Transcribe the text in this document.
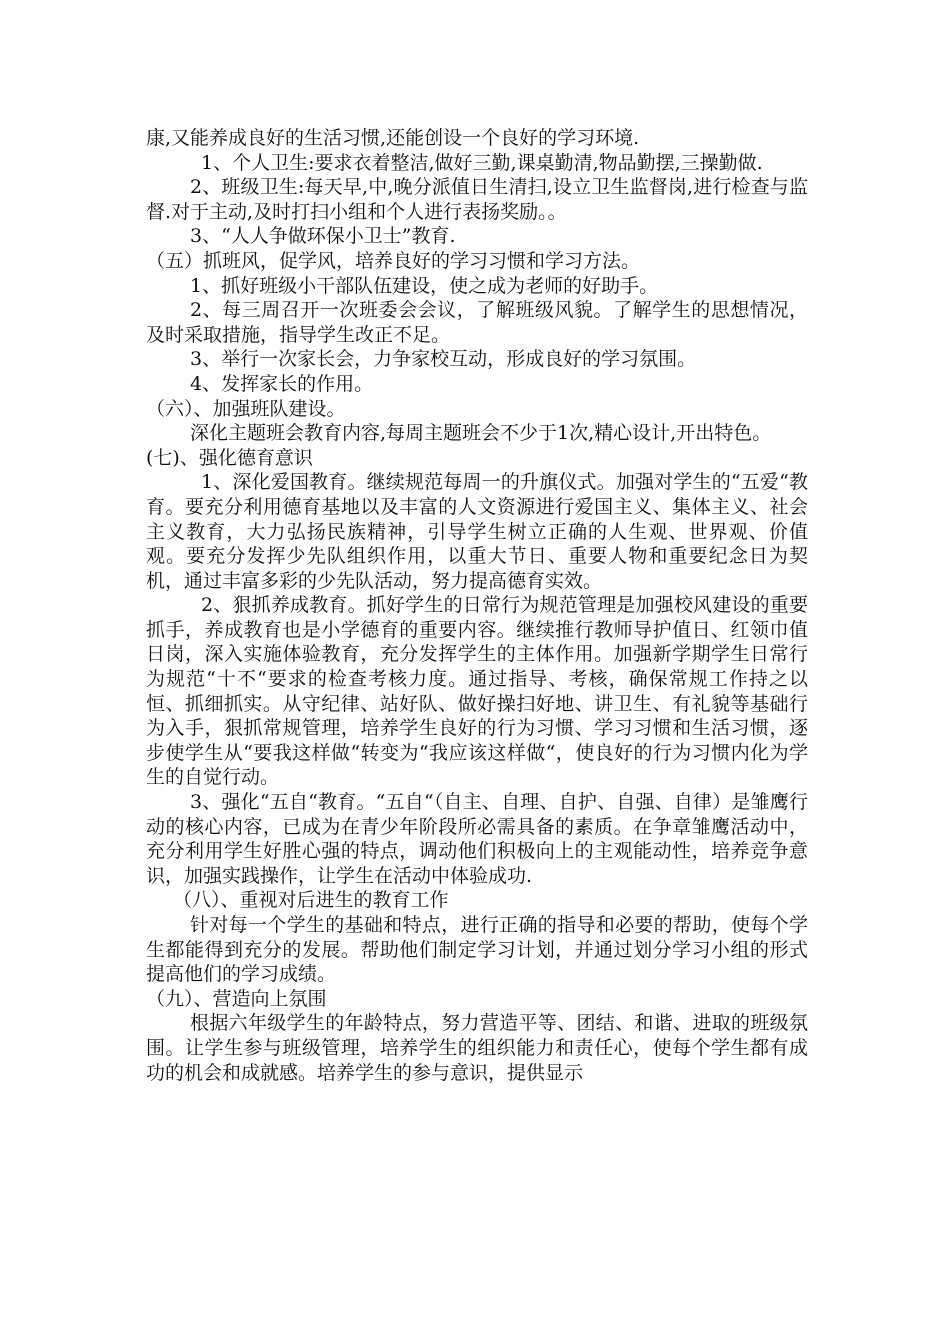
康,又能养成良好的生活习惯,还能创设一个良好的学习环境.

1、个人卫生:要求衣着整洁,做好三勤,课桌勤清,物品勤摆,三操勤做.

2、班级卫生:每天早,中,晚分派值日生清扫,设立卫生监督岗,进行检查与监督.对于主动,及时打扫小组和个人进行表扬奖励。。

3、“人人争做环保小卫士”教育.

（五）抓班风，促学风，培养良好的学习习惯和学习方法。

1、抓好班级小干部队伍建设，使之成为老师的好助手。

2、每三周召开一次班委会会议，了解班级风貌。了解学生的思想情况，及时采取措施，指导学生改正不足。

3、举行一次家长会，力争家校互动，形成良好的学习氛围。

4、发挥家长的作用。

（六）、加强班队建设。

深化主题班会教育内容,每周主题班会不少于1次,精心设计,开出特色。

(七)、强化德育意识

1、深化爱国教育。继续规范每周一的升旗仪式。加强对学生的“五爱“教育。要充分利用德育基地以及丰富的人文资源进行爱国主义、集体主义、社会主义教育，大力弘扬民族精神，引导学生树立正确的人生观、世界观、价值观。要充分发挥少先队组织作用，以重大节日、重要人物和重要纪念日为契机，通过丰富多彩的少先队活动，努力提高德育实效。

2、狠抓养成教育。抓好学生的日常行为规范管理是加强校风建设的重要抓手，养成教育也是小学德育的重要内容。继续推行教师导护值日、红领巾值日岗，深入实施体验教育，充分发挥学生的主体作用。加强新学期学生日常行为规范“十不“要求的检查考核力度。通过指导、考核，确保常规工作持之以恒、抓细抓实。从守纪律、站好队、做好操扫好地、讲卫生、有礼貌等基础行为入手，狠抓常规管理，培养学生良好的行为习惯、学习习惯和生活习惯，逐步使学生从“要我这样做“转变为“我应该这样做“，使良好的行为习惯内化为学生的自觉行动。

3、强化“五自“教育。“五自“（自主、自理、自护、自强、自律）是雏鹰行动的核心内容，已成为在青少年阶段所必需具备的素质。在争章雏鹰活动中，充分利用学生好胜心强的特点，调动他们积极向上的主观能动性，培养竞争意识，加强实践操作，让学生在活动中体验成功.

（八）、重视对后进生的教育工作

针对每一个学生的基础和特点，进行正确的指导和必要的帮助，使每个学生都能得到充分的发展。帮助他们制定学习计划，并通过划分学习小组的形式提高他们的学习成绩。

（九）、营造向上氛围

根据六年级学生的年龄特点，努力营造平等、团结、和谐、进取的班级氛围。让学生参与班级管理，培养学生的组织能力和责任心，使每个学生都有成功的机会和成就感。培养学生的参与意识，提供显示
